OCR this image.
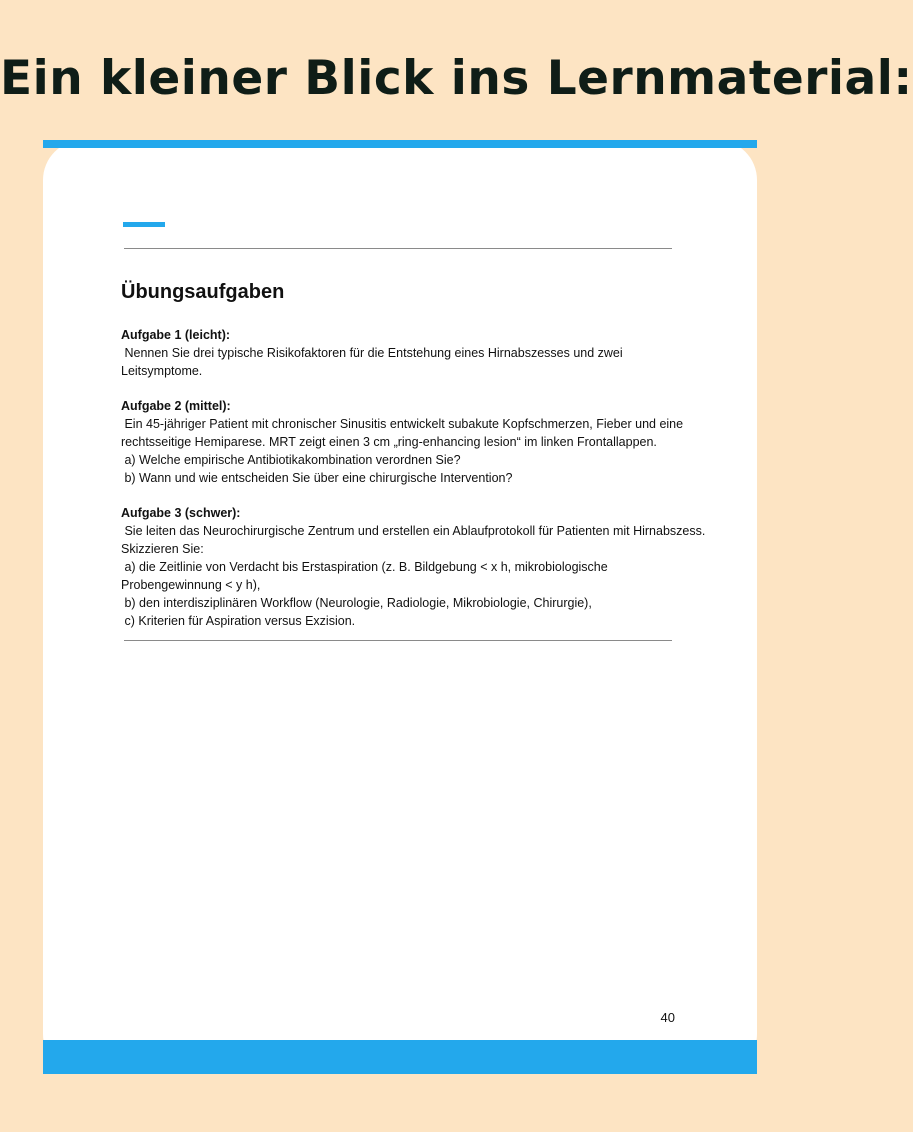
Ein kleiner Blick ins Lernmaterial:
Übungsaufgaben
Aufgabe 1 (leicht):
Nennen Sie drei typische Risikofaktoren für die Entstehung eines Hirnabszesses und zwei
Leitsymptome.
Aufgabe 2 (mittel):
Ein 45-jähriger Patient mit chronischer Sinusitis entwickelt subakute Kopfschmerzen, Fieber und eine
rechtsseitige Hemiparese. MRT zeigt einen 3 cm „ring-enhancing lesion“ im linken Frontallappen.
a) Welche empirische Antibiotikakombination verordnen Sie?
b) Wann und wie entscheiden Sie über eine chirurgische Intervention?
Aufgabe 3 (schwer):
Sie leiten das Neurochirurgische Zentrum und erstellen ein Ablaufprotokoll für Patienten mit Hirnabszess.
Skizzieren Sie:
a) die Zeitlinie von Verdacht bis Erstaspiration (z. B. Bildgebung < x h, mikrobiologische
Probengewinnung < y h),
b) den interdisziplinären Workflow (Neurologie, Radiologie, Mikrobiologie, Chirurgie),
c) Kriterien für Aspiration versus Exzision.
40
